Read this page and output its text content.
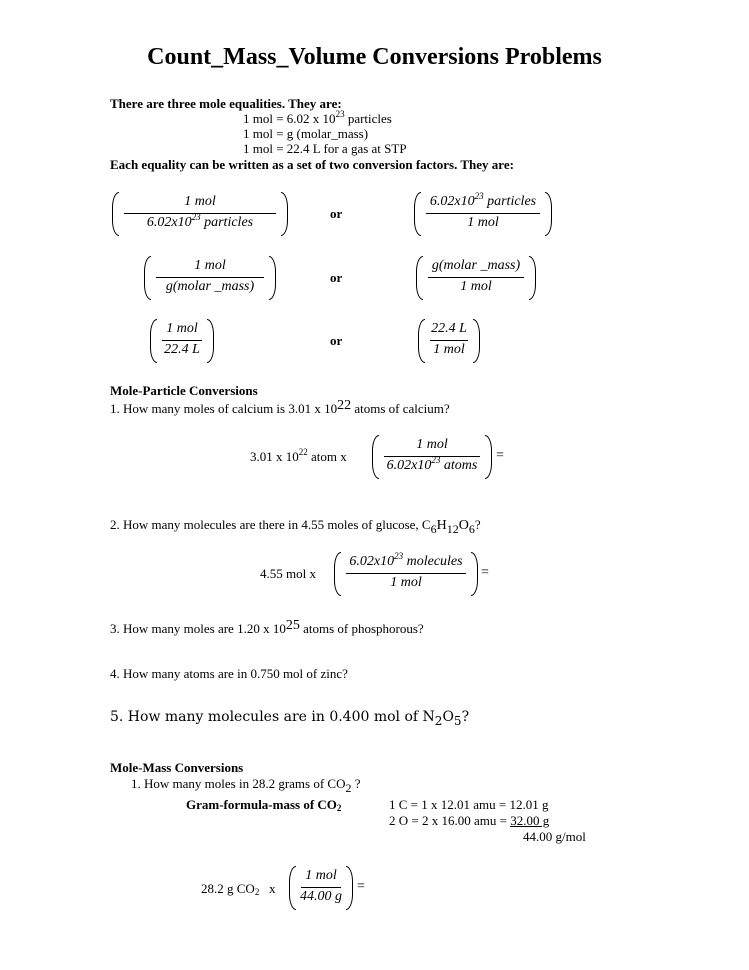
Count_Mass_Volume Conversions Problems
There are three mole equalities. They are:
1 mol = 6.02 x $10^{23}$ particles
1 mol = g (molar_mass)
1 mol = 22.4 L for a gas at STP
Each equality can be written as a set of two conversion factors. They are:
1 mol
$6.02x10^{23}$ particles
or
$6.02x10^{23}$ particles
1 mol
1 mol
g(molar _mass)
or
g(molar _mass)
1 mol
1 mol
22.4 L
or
22.4 L
1 mol
Mole-Particle Conversions
1. How many moles of calcium is 3.01 x $10^{22}$ atoms of calcium?
3.01 x $10^{22}$ atom x
1 mol
$6.02x10^{23}$ atoms
=
2. How many molecules are there in 4.55 moles of glucose, $C_6H_{12}O_6$?
4.55 mol x
$6.02x10^{23}$ molecules
1 mol
=
3. How many moles are 1.20 x $10^{25}$ atoms of phosphorous?
4. How many atoms are in 0.750 mol of zinc?
5. How many molecules are in 0.400 mol of $N_2O_5$?
Mole-Mass Conversions
1. How many moles in 28.2 grams of $CO_2$ ?
Gram-formula-mass of $CO_2$	1 C = 1 x 12.01 amu = 12.01 g
2 O = 2 x 16.00 amu = 32.00 g
44.00 g/mol
28.2 g $CO_2$   x
1 mol
44.00 g
=
